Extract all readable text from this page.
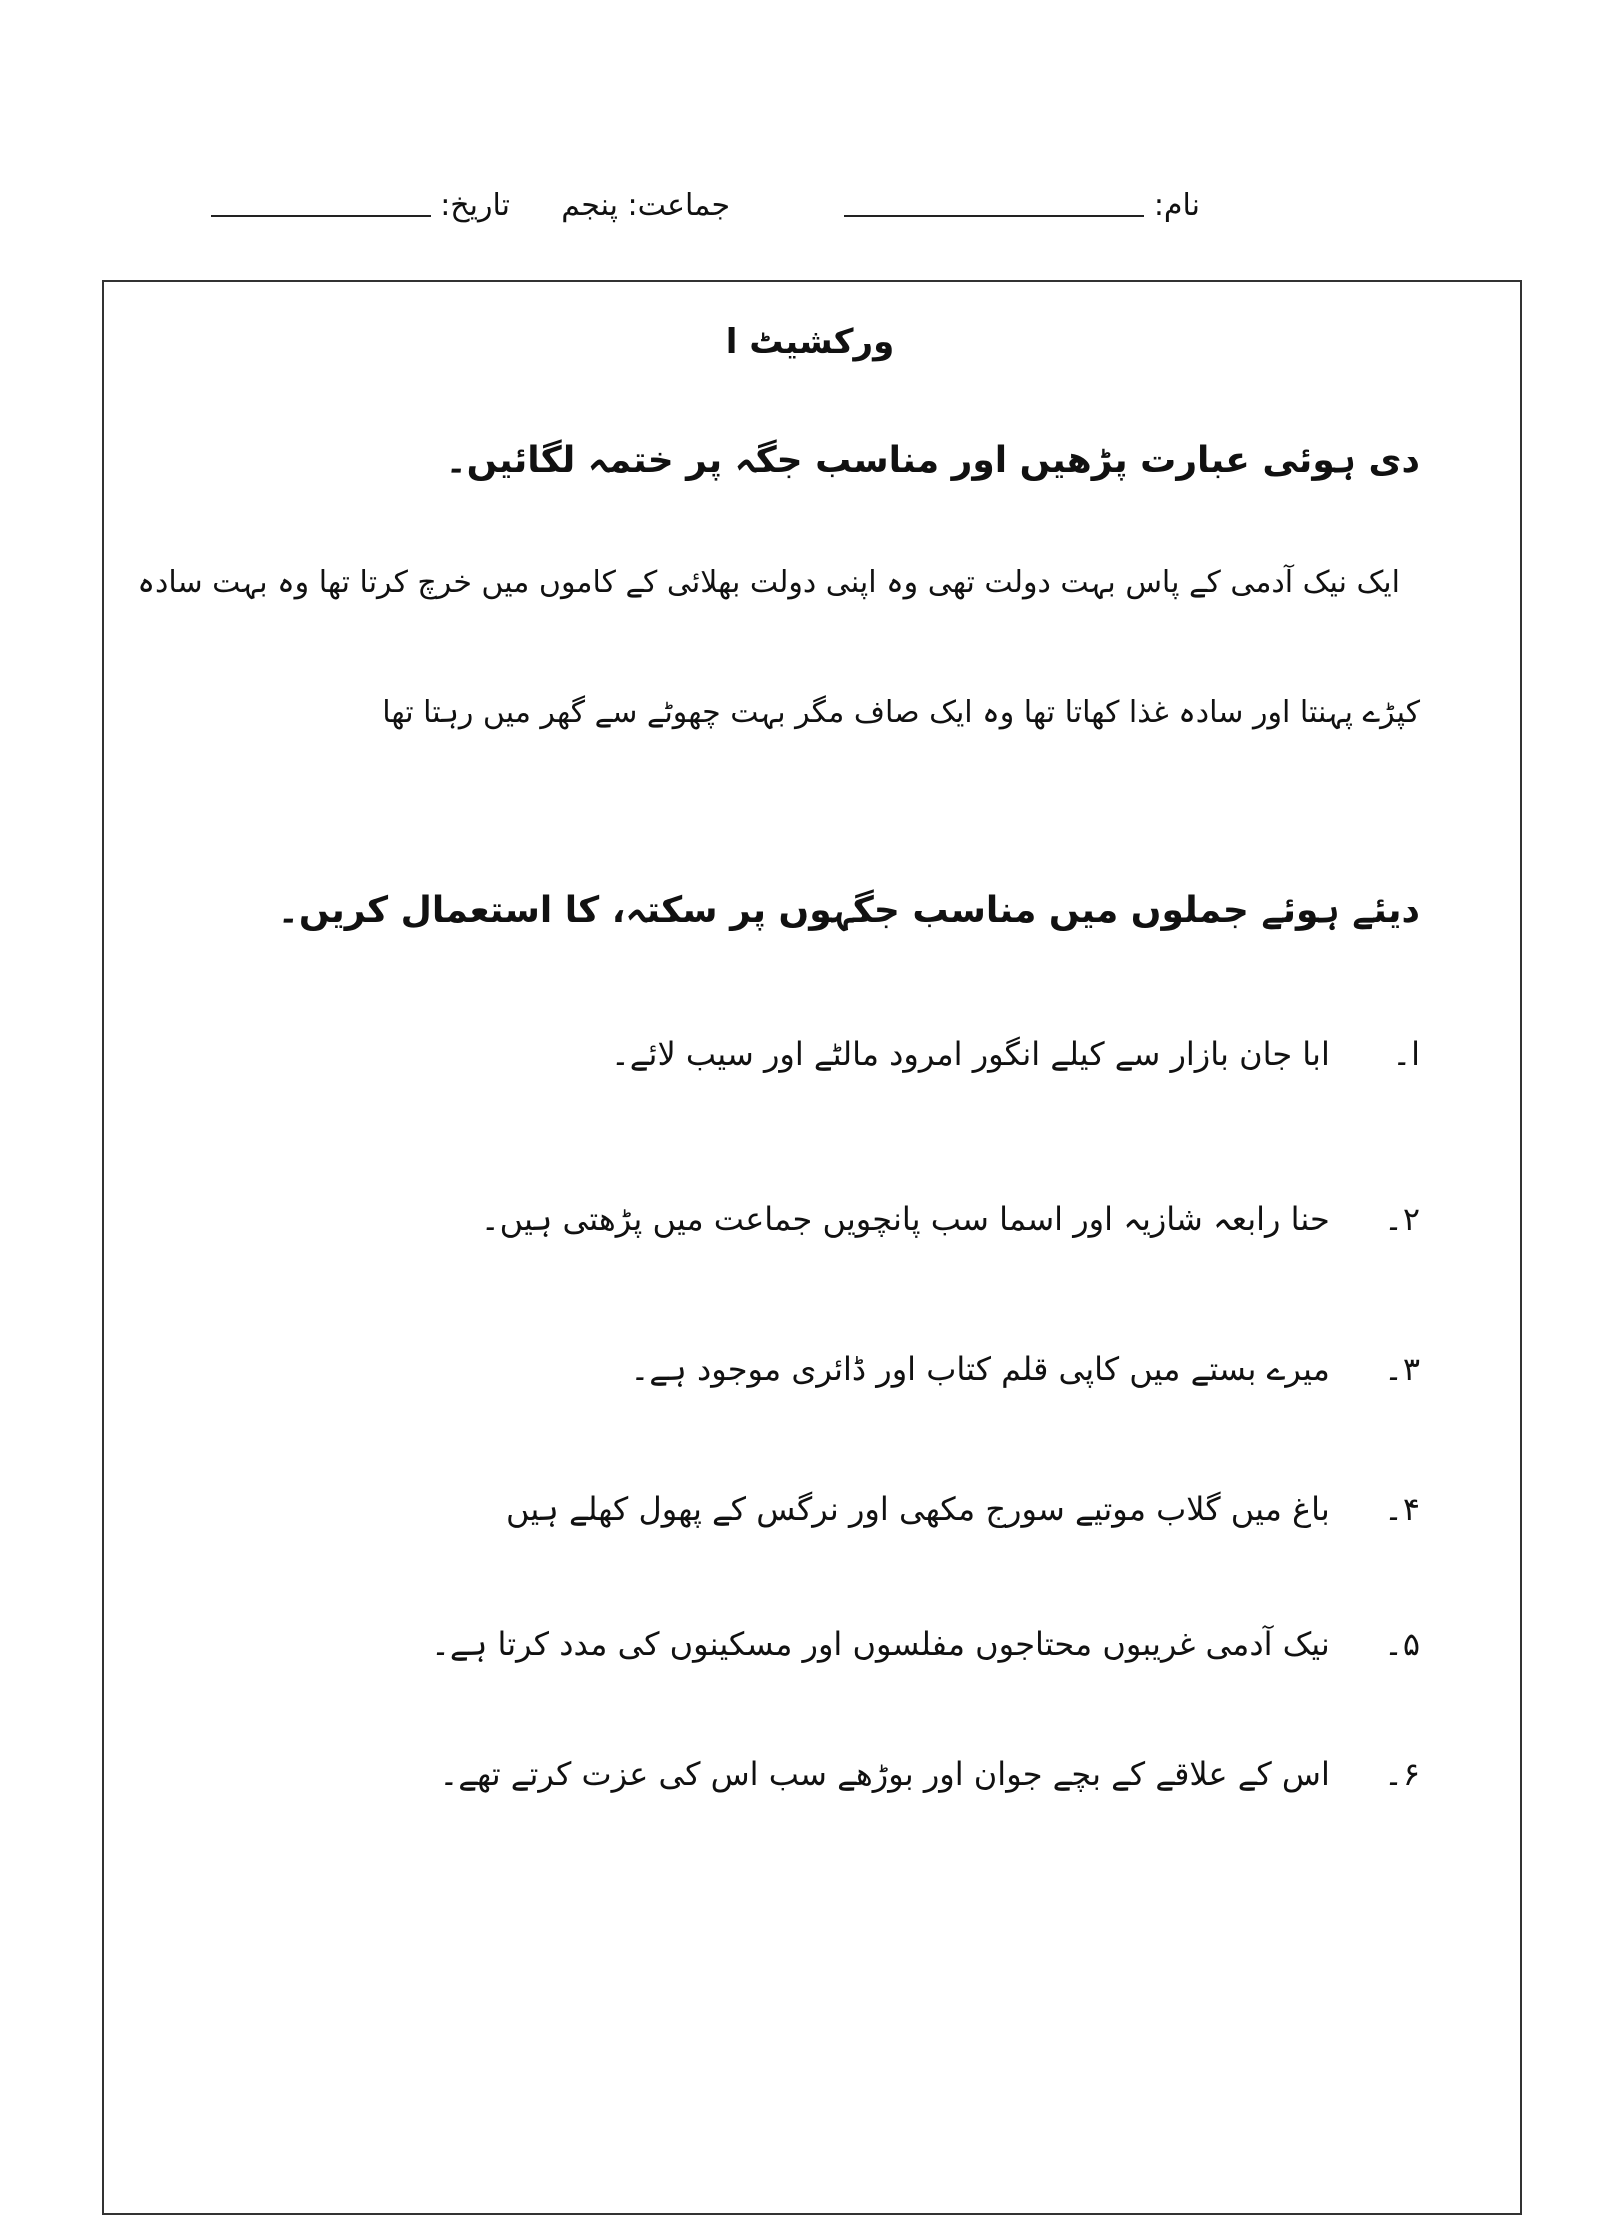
نام:
جماعت: پنجم
تاریخ:
ورکشیٹ ا
دی ہوئی عبارت پڑھیں اور مناسب جگہ پر ختمہ لگائیں۔
ایک نیک آدمی کے پاس بہت دولت تھی وہ اپنی دولت بھلائی کے کاموں میں خرچ کرتا تھا وہ بہت سادہ
کپڑے پہنتا اور سادہ غذا کھاتا تھا وہ ایک صاف مگر بہت چھوٹے سے گھر میں رہتا تھا
دیئے ہوئے جملوں میں مناسب جگہوں پر سکتہ، کا استعمال کریں۔
ا۔ ابا جان بازار سے کیلے انگور امرود مالٹے اور سیب لائے۔
۲۔ حنا رابعہ شازیہ اور اسما سب پانچویں جماعت میں پڑھتی ہیں۔
۳۔ میرے بستے میں کاپی قلم کتاب اور ڈائری موجود ہے۔
۴۔ باغ میں گلاب موتیے سورج مکھی اور نرگس کے پھول کھلے ہیں
۵۔ نیک آدمی غریبوں محتاجوں مفلسوں اور مسکینوں کی مدد کرتا ہے۔
۶۔ اس کے علاقے کے بچے جوان اور بوڑھے سب اس کی عزت کرتے تھے۔
